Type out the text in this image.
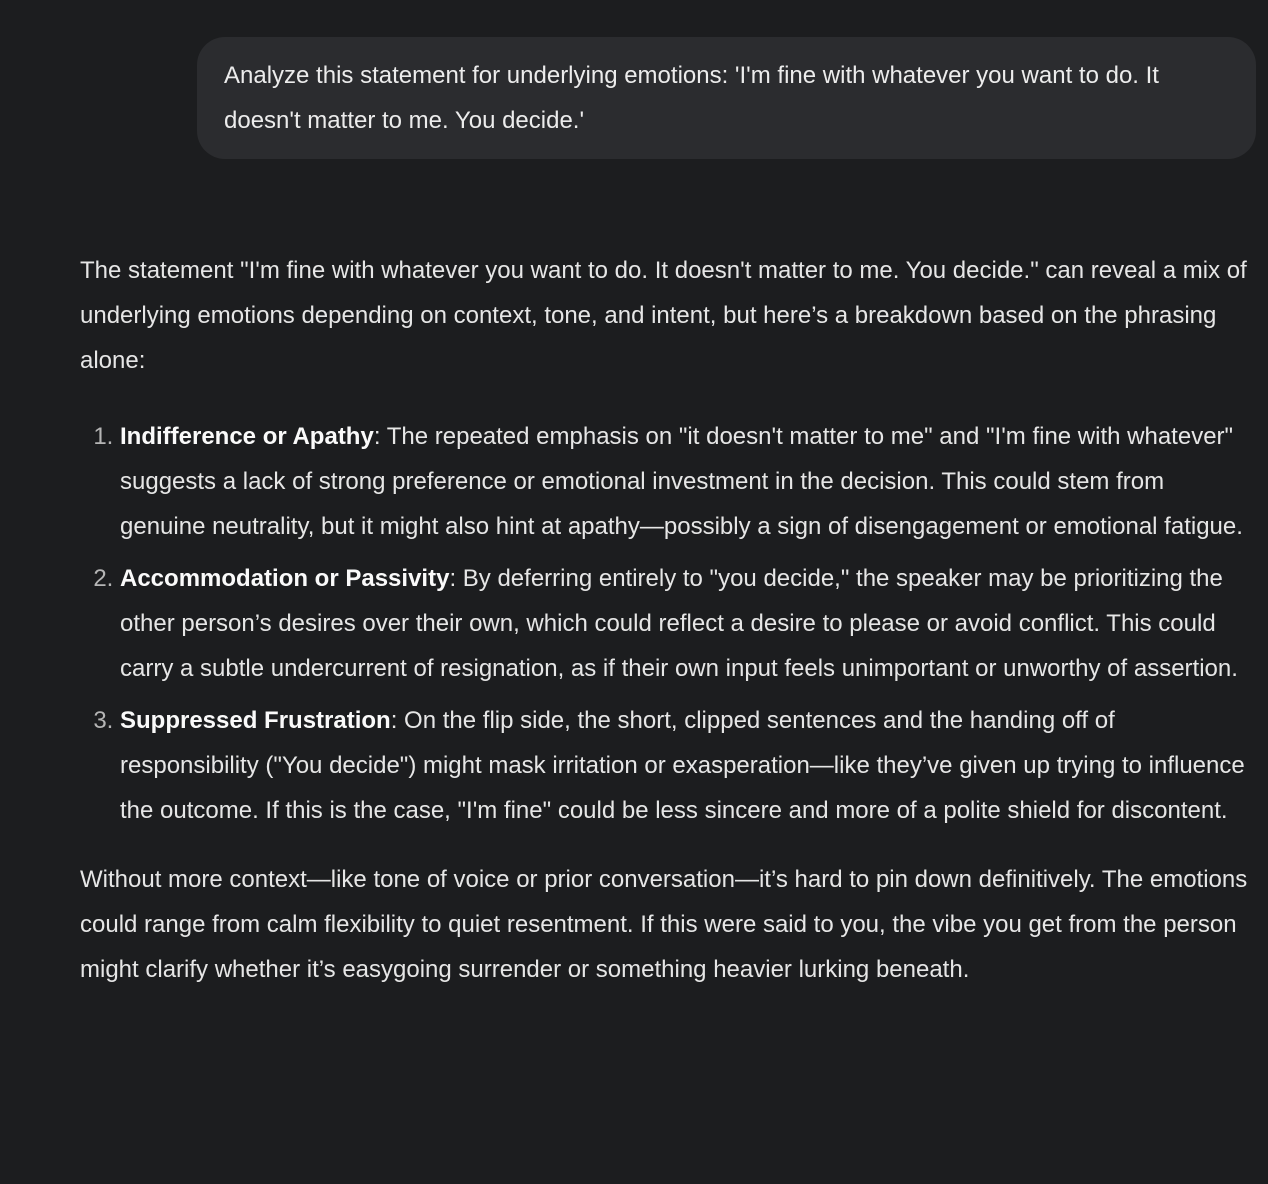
Analyze this statement for underlying emotions: 'I'm fine with whatever you want to do. It doesn't matter to me. You decide.'

The statement "I'm fine with whatever you want to do. It doesn't matter to me. You decide." can reveal a mix of underlying emotions depending on context, tone, and intent, but here’s a breakdown based on the phrasing alone:

1. Indifference or Apathy: The repeated emphasis on "it doesn't matter to me" and "I'm fine with whatever" suggests a lack of strong preference or emotional investment in the decision. This could stem from genuine neutrality, but it might also hint at apathy—possibly a sign of disengagement or emotional fatigue.
2. Accommodation or Passivity: By deferring entirely to "you decide," the speaker may be prioritizing the other person’s desires over their own, which could reflect a desire to please or avoid conflict. This could carry a subtle undercurrent of resignation, as if their own input feels unimportant or unworthy of assertion.
3. Suppressed Frustration: On the flip side, the short, clipped sentences and the handing off of responsibility ("You decide") might mask irritation or exasperation—like they’ve given up trying to influence the outcome. If this is the case, "I'm fine" could be less sincere and more of a polite shield for discontent.

Without more context—like tone of voice or prior conversation—it’s hard to pin down definitively. The emotions could range from calm flexibility to quiet resentment. If this were said to you, the vibe you get from the person might clarify whether it’s easygoing surrender or something heavier lurking beneath.
